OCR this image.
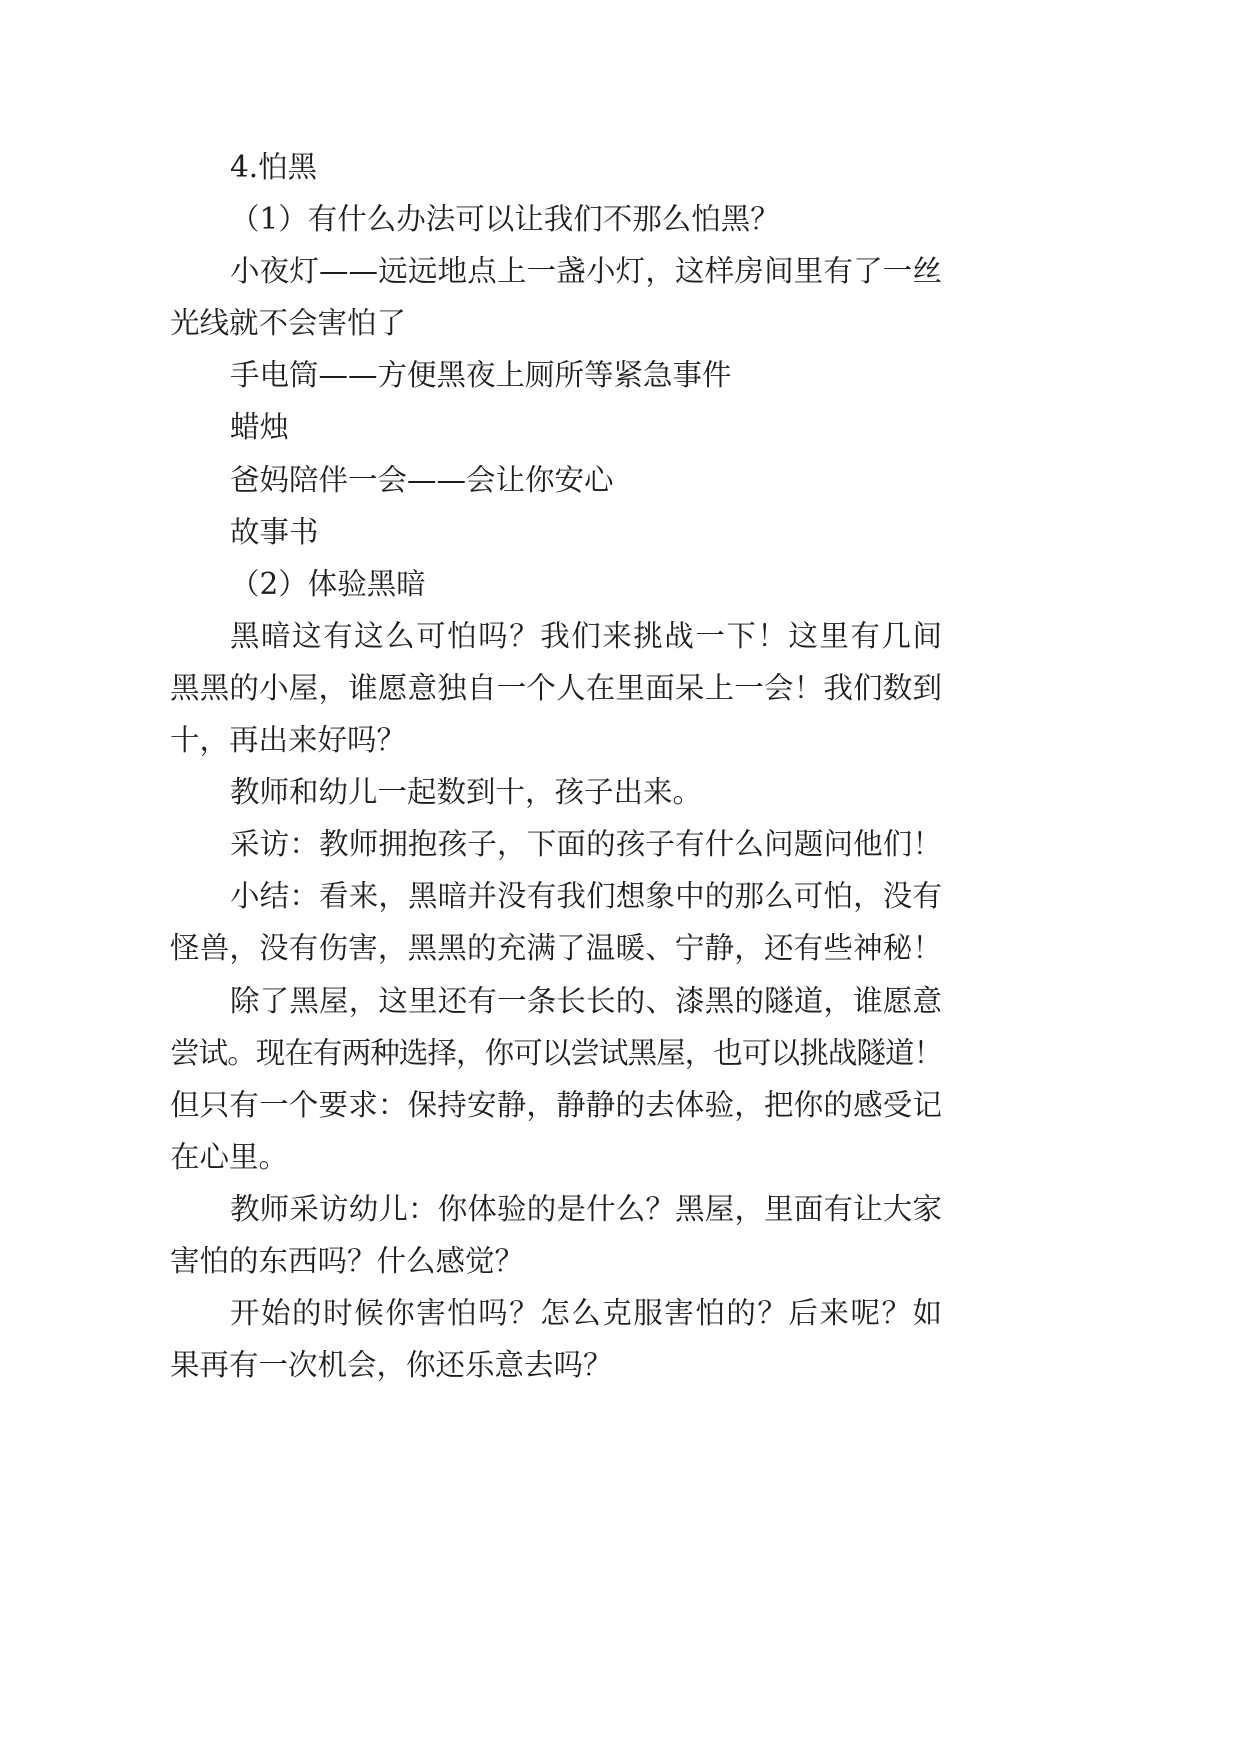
4.怕黑

（1）有什么办法可以让我们不那么怕黑？

小夜灯——远远地点上一盏小灯，这样房间里有了一丝
光线就不会害怕了

手电筒——方便黑夜上厕所等紧急事件

蜡烛

爸妈陪伴一会——会让你安心

故事书

（2）体验黑暗

黑暗这有这么可怕吗？我们来挑战一下！这里有几间
黑黑的小屋，谁愿意独自一个人在里面呆上一会！我们数到
十，再出来好吗？

教师和幼儿一起数到十，孩子出来。

采访：教师拥抱孩子，下面的孩子有什么问题问他们！

小结：看来，黑暗并没有我们想象中的那么可怕，没有
怪兽，没有伤害，黑黑的充满了温暖、宁静，还有些神秘！

除了黑屋，这里还有一条长长的、漆黑的隧道，谁愿意
尝试。现在有两种选择，你可以尝试黑屋，也可以挑战隧道！
但只有一个要求：保持安静，静静的去体验，把你的感受记
在心里。

教师采访幼儿：你体验的是什么？黑屋，里面有让大家
害怕的东西吗？什么感觉？

开始的时候你害怕吗？怎么克服害怕的？后来呢？如
果再有一次机会，你还乐意去吗？
